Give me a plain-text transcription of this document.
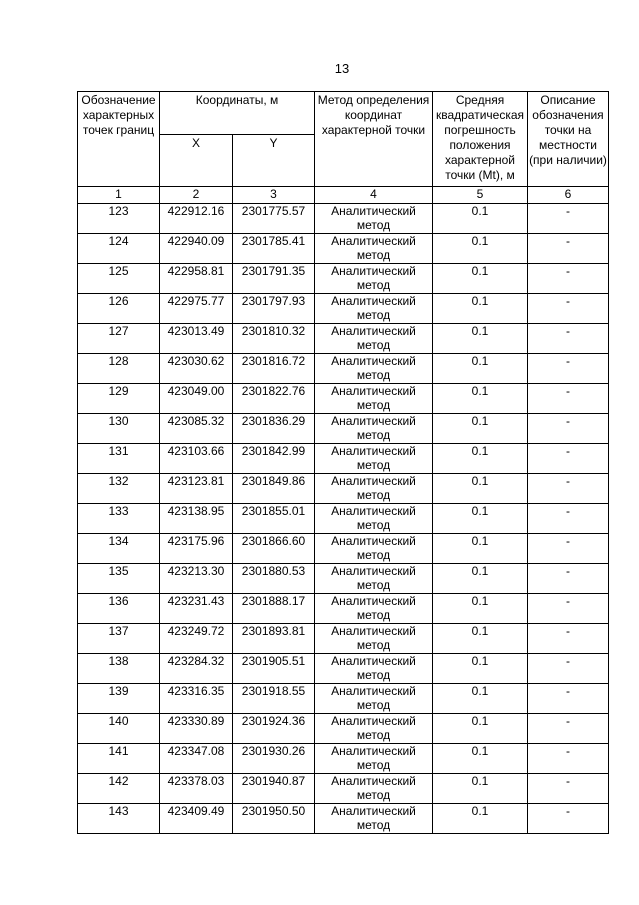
13
Обозначение характерных точек границ	Координаты, м		Метод определения координат характерной точки	Средняя квадратическая погрешность положения характерной точки (Mt), м	Описание обозначения точки на местности (при наличии)
	X	Y			
1	2	3	4	5	6
123	422912.16	2301775.57	Аналитический метод	0.1	-
124	422940.09	2301785.41	Аналитический метод	0.1	-
125	422958.81	2301791.35	Аналитический метод	0.1	-
126	422975.77	2301797.93	Аналитический метод	0.1	-
127	423013.49	2301810.32	Аналитический метод	0.1	-
128	423030.62	2301816.72	Аналитический метод	0.1	-
129	423049.00	2301822.76	Аналитический метод	0.1	-
130	423085.32	2301836.29	Аналитический метод	0.1	-
131	423103.66	2301842.99	Аналитический метод	0.1	-
132	423123.81	2301849.86	Аналитический метод	0.1	-
133	423138.95	2301855.01	Аналитический метод	0.1	-
134	423175.96	2301866.60	Аналитический метод	0.1	-
135	423213.30	2301880.53	Аналитический метод	0.1	-
136	423231.43	2301888.17	Аналитический метод	0.1	-
137	423249.72	2301893.81	Аналитический метод	0.1	-
138	423284.32	2301905.51	Аналитический метод	0.1	-
139	423316.35	2301918.55	Аналитический метод	0.1	-
140	423330.89	2301924.36	Аналитический метод	0.1	-
141	423347.08	2301930.26	Аналитический метод	0.1	-
142	423378.03	2301940.87	Аналитический метод	0.1	-
143	423409.49	2301950.50	Аналитический метод	0.1	-
